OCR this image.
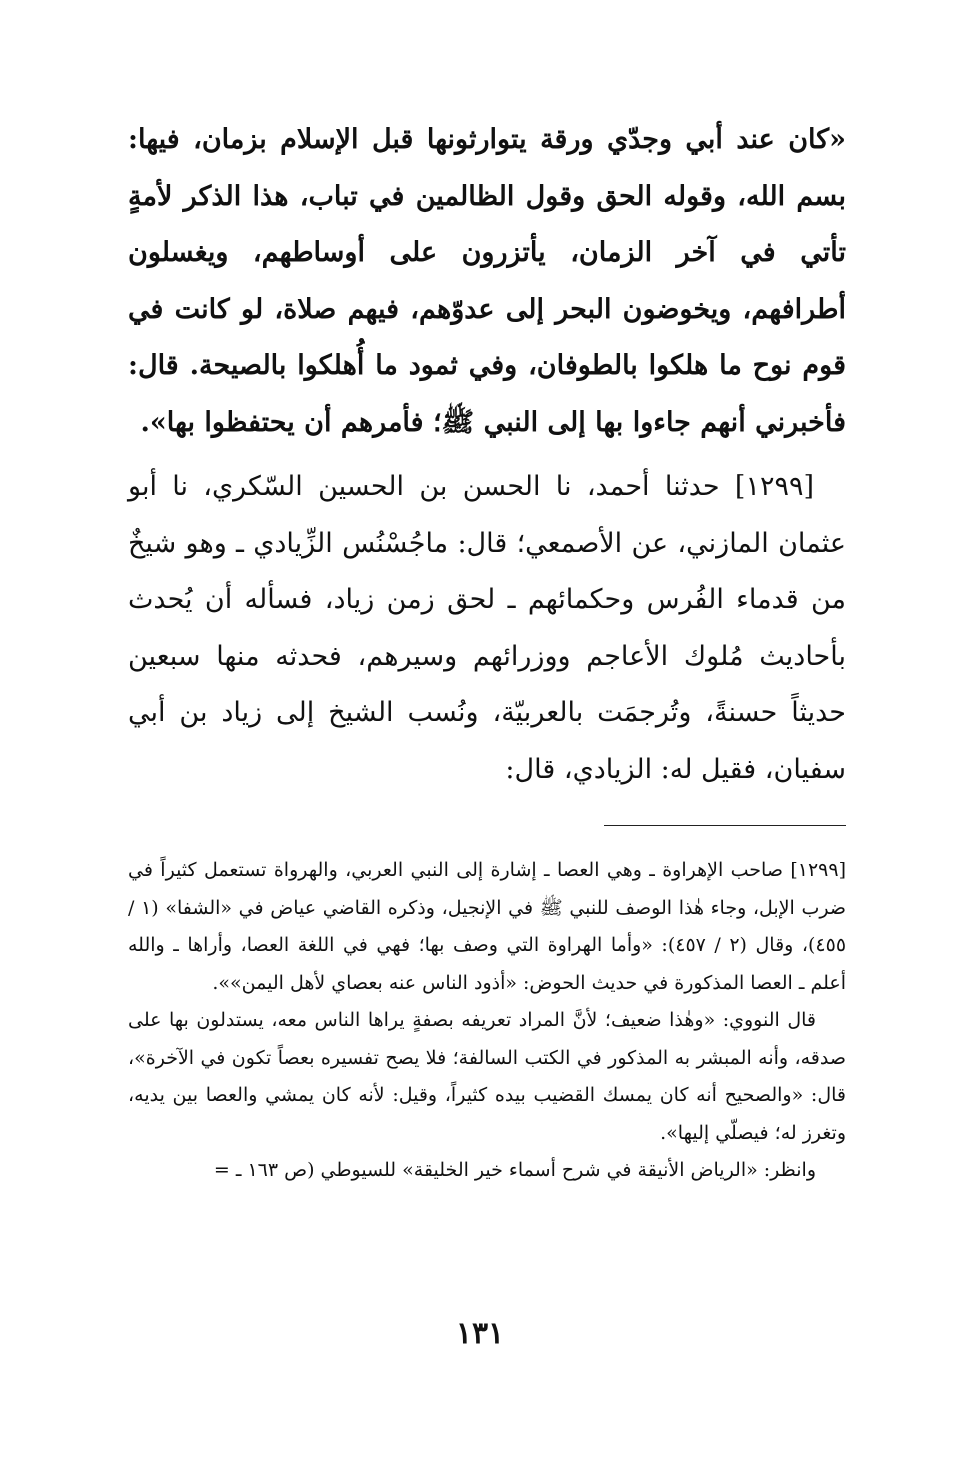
«كان عند أبي وجدّي ورقة يتوارثونها قبل الإسلام بزمان، فيها: بسم الله، وقوله الحق وقول الظالمين في تباب، هذا الذكر لأمةٍ تأتي في آخر الزمان، يأتزرون على أوساطهم، ويغسلون أطرافهم، ويخوضون البحر إلى عدوّهم، فيهم صلاة، لو كانت في قوم نوح ما هلكوا بالطوفان، وفي ثمود ما أُهلكوا بالصيحة. قال: فأخبرني أنهم جاءوا بها إلى النبي ﷺ؛ فأمرهم أن يحتفظوا بها».

[١٢٩٩] حدثنا أحمد، نا الحسن بن الحسين السّكري، نا أبو عثمان المازني، عن الأصمعي؛ قال: ماجُسْنُس الزِّيادي ـ وهو شيخٌ من قدماء الفُرس وحكمائهم ـ لحق زمن زياد، فسأله أن يُحدث بأحاديث مُلوك الأعاجم ووزرائهم وسيرهم، فحدثه منها سبعين حديثاً حسنةً، وتُرجمَت بالعربيّة، ونُسب الشيخ إلى زياد بن أبي سفيان، فقيل له: الزيادي، قال:

[١٢٩٩] صاحب الإهراوة ـ وهي العصا ـ إشارة إلى النبي العربي، والهرواة تستعمل كثيراً في ضرب الإبل، وجاء هٰذا الوصف للنبي ﷺ في الإنجيل، وذكره القاضي عياض في «الشفا» (١ / ٤٥٥)، وقال (٢ / ٤٥٧): «وأما الهراوة التي وصف بها؛ فهي في اللغة العصا، وأراها ـ والله أعلم ـ العصا المذكورة في حديث الحوض: «أذود الناس عنه بعصاي لأهل اليمن»».

قال النووي: «وهٰذا ضعيف؛ لأنَّ المراد تعريفه بصفةٍ يراها الناس معه، يستدلون بها على صدقه، وأنه المبشر به المذكور في الكتب السالفة؛ فلا يصح تفسيره بعصاً تكون في الآخرة»، قال: «والصحيح أنه كان يمسك القضيب بيده كثيراً، وقيل: لأنه كان يمشي والعصا بين يديه، وتغرز له؛ فيصلّي إليها».

وانظر: «الرياض الأنيقة في شرح أسماء خير الخليقة» للسيوطي (ص ١٦٣ ـ =

١٣١
